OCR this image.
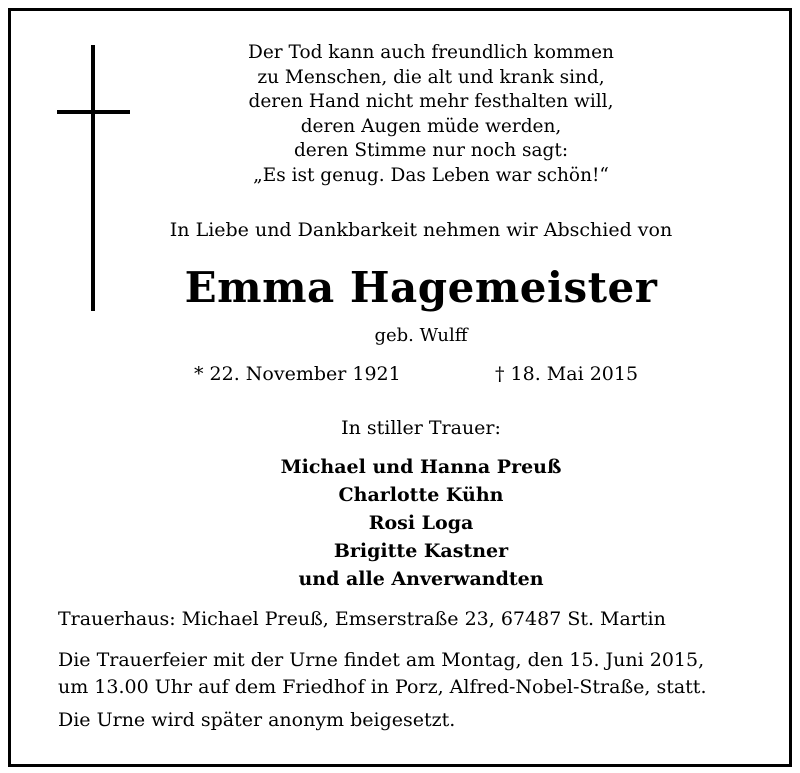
Der Tod kann auch freundlich kommen
zu Menschen, die alt und krank sind,
deren Hand nicht mehr festhalten will,
deren Augen müde werden,
deren Stimme nur noch sagt:
„Es ist genug. Das Leben war schön!“
In Liebe und Dankbarkeit nehmen wir Abschied von
Emma Hagemeister
geb. Wulff
* 22. November 1921	† 18. Mai 2015
In stiller Trauer:
Michael und Hanna Preuß
Charlotte Kühn
Rosi Loga
Brigitte Kastner
und alle Anverwandten
Trauerhaus: Michael Preuß, Emserstraße 23, 67487 St. Martin
Die Trauerfeier mit der Urne findet am Montag, den 15. Juni 2015,
um 13.00 Uhr auf dem Friedhof in Porz, Alfred-Nobel-Straße, statt.
Die Urne wird später anonym beigesetzt.
